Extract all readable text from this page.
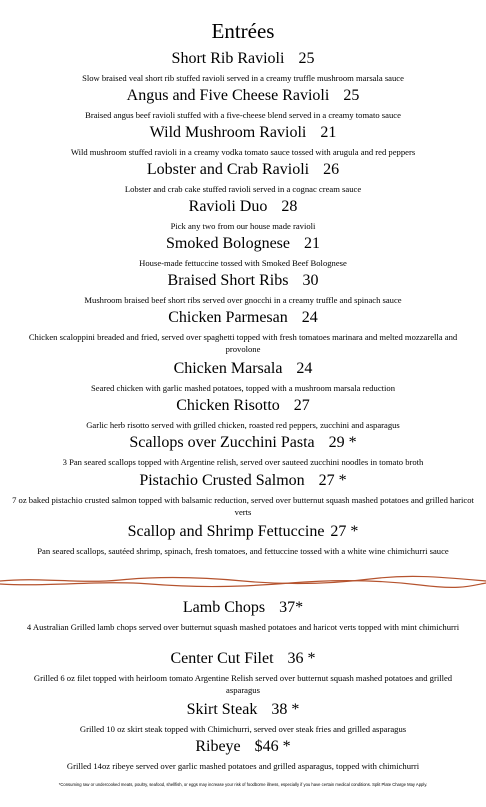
Entrées
Short Rib Ravioli 25
Slow braised veal short rib stuffed ravioli served in a creamy truffle mushroom marsala sauce
Angus and Five Cheese Ravioli 25
Braised angus beef ravioli stuffed with a five-cheese blend served in a creamy tomato sauce
Wild Mushroom Ravioli 21
Wild mushroom stuffed ravioli in a creamy vodka tomato sauce tossed with arugula and red peppers
Lobster and Crab Ravioli 26
Lobster and crab cake stuffed ravioli served in a cognac cream sauce
Ravioli Duo 28
Pick any two from our house made ravioli
Smoked Bolognese 21
House-made fettuccine tossed with Smoked Beef Bolognese
Braised Short Ribs 30
Mushroom braised beef short ribs served over gnocchi in a creamy truffle and spinach sauce
Chicken Parmesan 24
Chicken scaloppini breaded and fried, served over spaghetti topped with fresh tomatoes marinara and melted mozzarella and provolone
Chicken Marsala 24
Seared chicken with garlic mashed potatoes, topped with a mushroom marsala reduction
Chicken Risotto 27
Garlic herb risotto served with grilled chicken, roasted red peppers, zucchini and asparagus
Scallops over Zucchini Pasta 29 *
3 Pan seared scallops topped with Argentine relish, served over sauteed zucchini noodles in tomato broth
Pistachio Crusted Salmon 27 *
7 oz baked pistachio crusted salmon topped with balsamic reduction, served over butternut squash mashed potatoes and grilled haricot verts
Scallop and Shrimp Fettuccine 27 *
Pan seared scallops, sautéed shrimp, spinach, fresh tomatoes, and fettuccine tossed with a white wine chimichurri sauce
Lamb Chops 37*
4 Australian Grilled lamb chops served over butternut squash mashed potatoes and haricot verts topped with mint chimichurri
Center Cut Filet 36 *
Grilled 6 oz filet topped with heirloom tomato Argentine Relish served over butternut squash mashed potatoes and grilled asparagus
Skirt Steak 38 *
Grilled 10 oz skirt steak topped with Chimichurri, served over steak fries and grilled asparagus
Ribeye $46 *
Grilled 14oz ribeye served over garlic mashed potatoes and grilled asparagus, topped with chimichurri
*Consuming raw or undercooked meats, poultry, seafood, shellfish, or eggs may increase your risk of foodborne illness, especially if you have certain medical conditions. Split Plate Charge May Apply.
